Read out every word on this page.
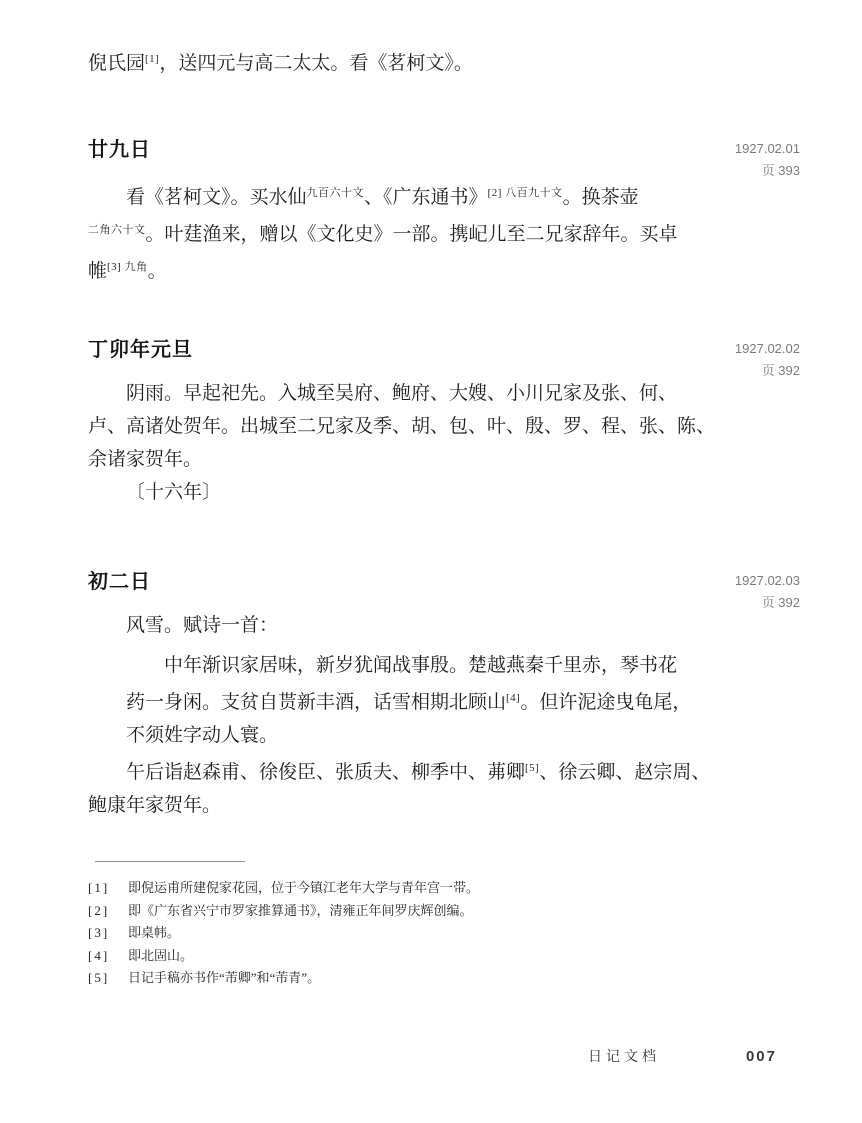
倪氏园[1]，送四元与高二太太。看《茗柯文》。
廿九日	1927.02.01
页 393
看《茗柯文》。买水仙$^{九百六十文}$、《广东通书》$^{[2] 八百九十文}$。换茶壶
$^{二角六十文}$。叶莛渔来，赠以《文化史》一部。携屺儿至二兄家辞年。买卓
帷$^{[3] 九角}$。
丁卯年元旦	1927.02.02
页 392
阴雨。早起祀先。入城至吴府、鲍府、大嫂、小川兄家及张、何、
卢、高诸处贺年。出城至二兄家及季、胡、包、叶、殷、罗、程、张、陈、
余诸家贺年。
〔十六年〕
初二日	1927.02.03
页 392
风雪。赋诗一首：
中年渐识家居味，新岁犹闻战事殷。楚越燕秦千里赤，琴书花
药一身闲。支贫自贳新丰酒，话雪相期北顾山[4]。但许泥途曳龟尾，
不须姓字动人寰。
午后诣赵森甫、徐俊臣、张质夫、柳季中、茀卿[5]、徐云卿、赵宗周、
鲍康年家贺年。
[1] 即倪运甫所建倪家花园，位于今镇江老年大学与青年宫一带。
[2] 即《广东省兴宁市罗家推算通书》，清雍正年间罗庆辉创编。
[3] 即桌帏。
[4] 即北固山。
[5] 日记手稿亦书作“芾卿”和“芾青”。
日记文档	007
